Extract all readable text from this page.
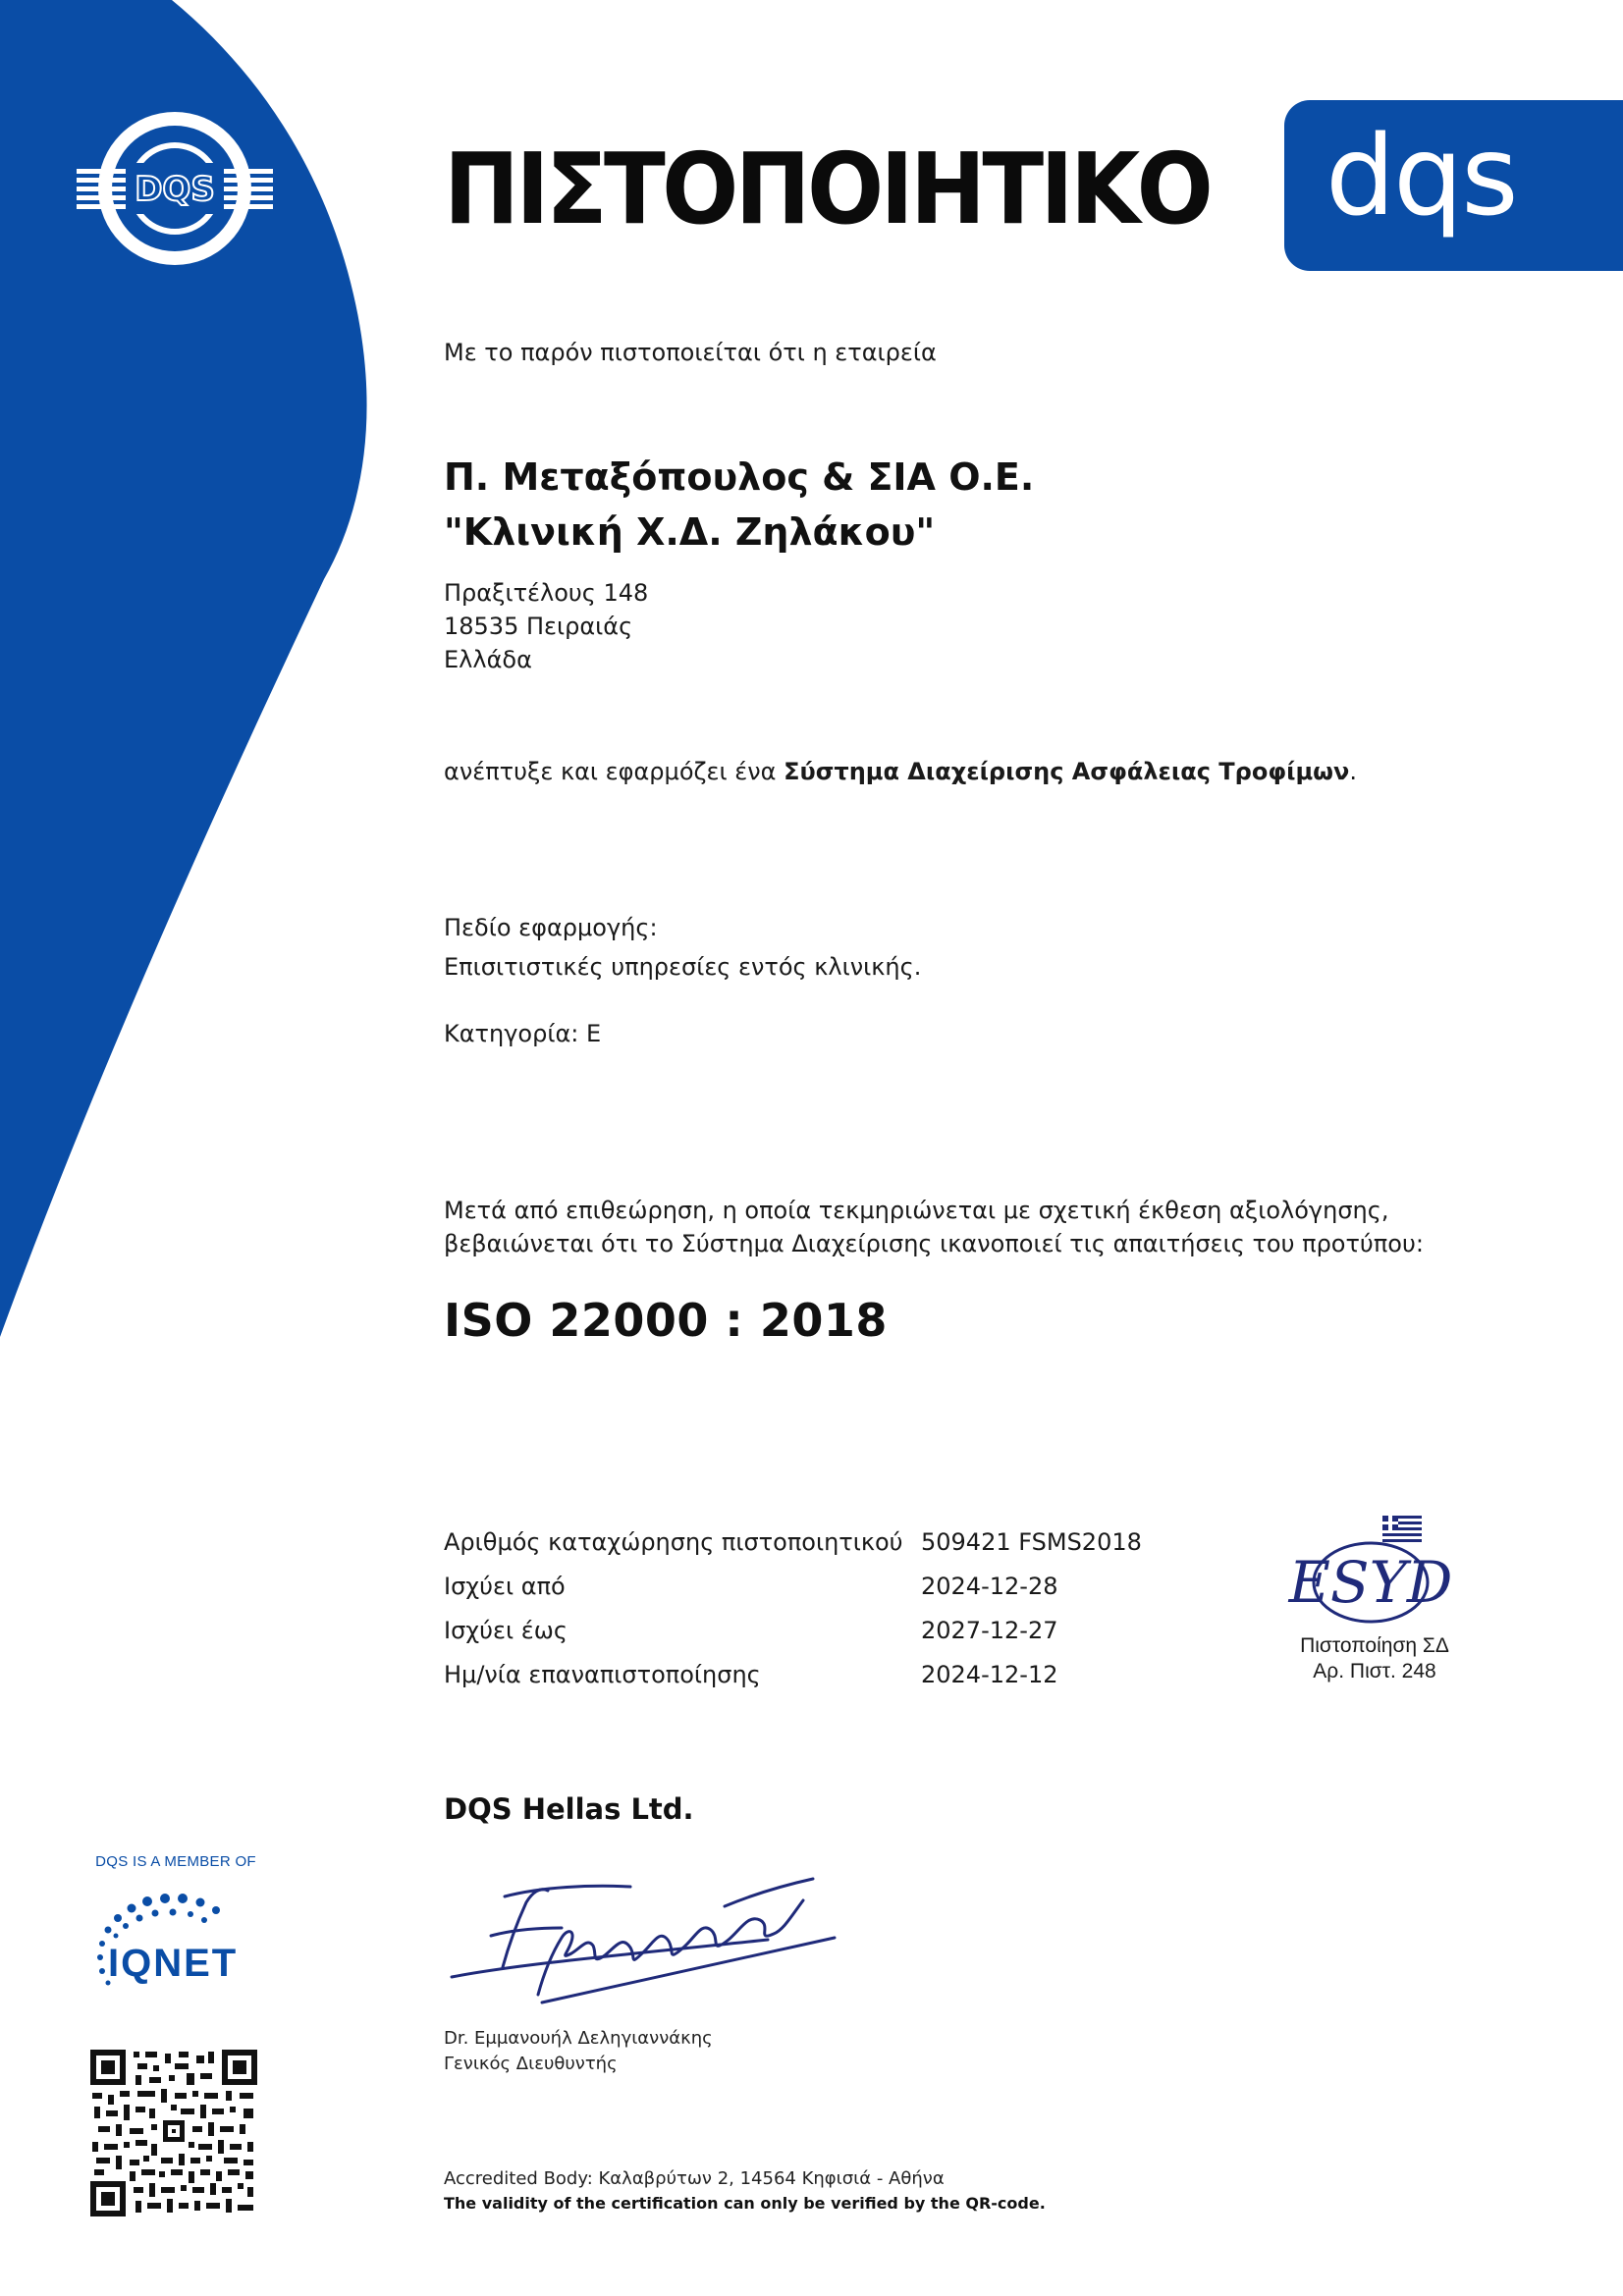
DQS ΠΙΣΤΟΠΟΙΗΤΙΚΟ dqs
Με το παρόν πιστοποιείται ότι η εταιρεία
Π. Μεταξόπουλος & ΣΙΑ Ο.Ε.
"Κλινική Χ.Δ. Ζηλάκου"
Πραξιτέλους 148
18535 Πειραιάς
Ελλάδα
ανέπτυξε και εφαρμόζει ένα Σύστημα Διαχείρισης Ασφάλειας Τροφίμων.
Πεδίο εφαρμογής:
Επισιτιστικές υπηρεσίες εντός κλινικής.
Κατηγορία: Ε
Μετά από επιθεώρηση, η οποία τεκμηριώνεται με σχετική έκθεση αξιολόγησης,
βεβαιώνεται ότι το Σύστημα Διαχείρισης ικανοποιεί τις απαιτήσεις του προτύπου:
ISO 22000 : 2018
Αριθμός καταχώρησης πιστοποιητικού	509421 FSMS2018
Ισχύει από	2024-12-28
Ισχύει έως	2027-12-27
Ημ/νία επαναπιστοποίησης	2024-12-12
ESYD
Πιστοποίηση ΣΔ
Αρ. Πιστ. 248
DQS Hellas Ltd.
Dr. Εμμανουήλ Δεληγιαννάκης
Γενικός Διευθυντής
DQS IS A MEMBER OF
IQNET
Accredited Body: Καλαβρύτων 2, 14564 Κηφισιά - Αθήνα
The validity of the certification can only be verified by the QR-code.
